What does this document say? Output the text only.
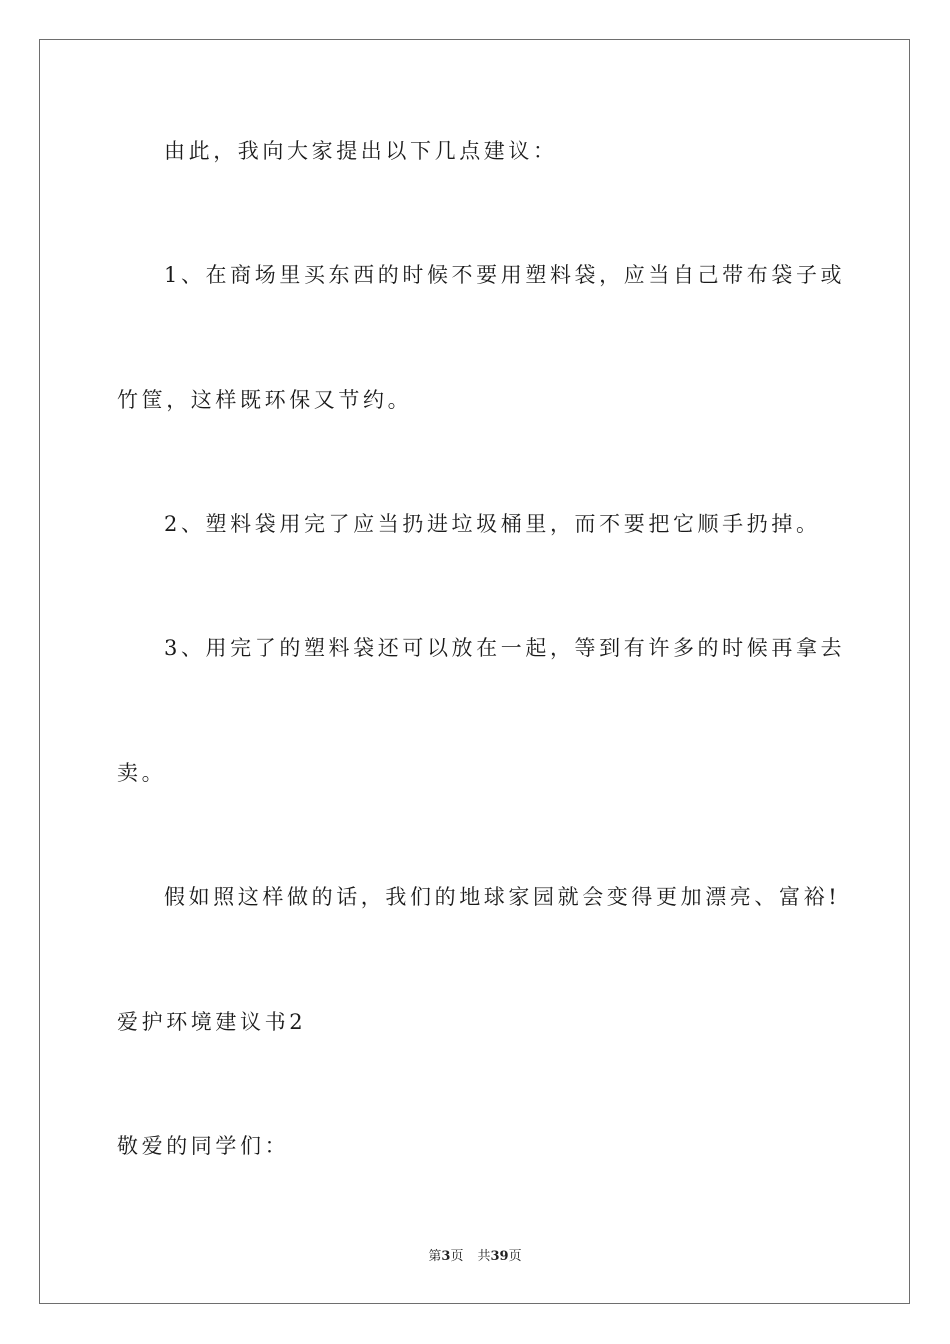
由此，我向大家提出以下几点建议：
1、在商场里买东西的时候不要用塑料袋，应当自己带布袋子或
竹筐，这样既环保又节约。
2、塑料袋用完了应当扔进垃圾桶里，而不要把它顺手扔掉。
3、用完了的塑料袋还可以放在一起，等到有许多的时候再拿去
卖。
假如照这样做的话，我们的地球家园就会变得更加漂亮、富裕!
爱护环境建议书2
敬爱的同学们：
第3页 共39页
